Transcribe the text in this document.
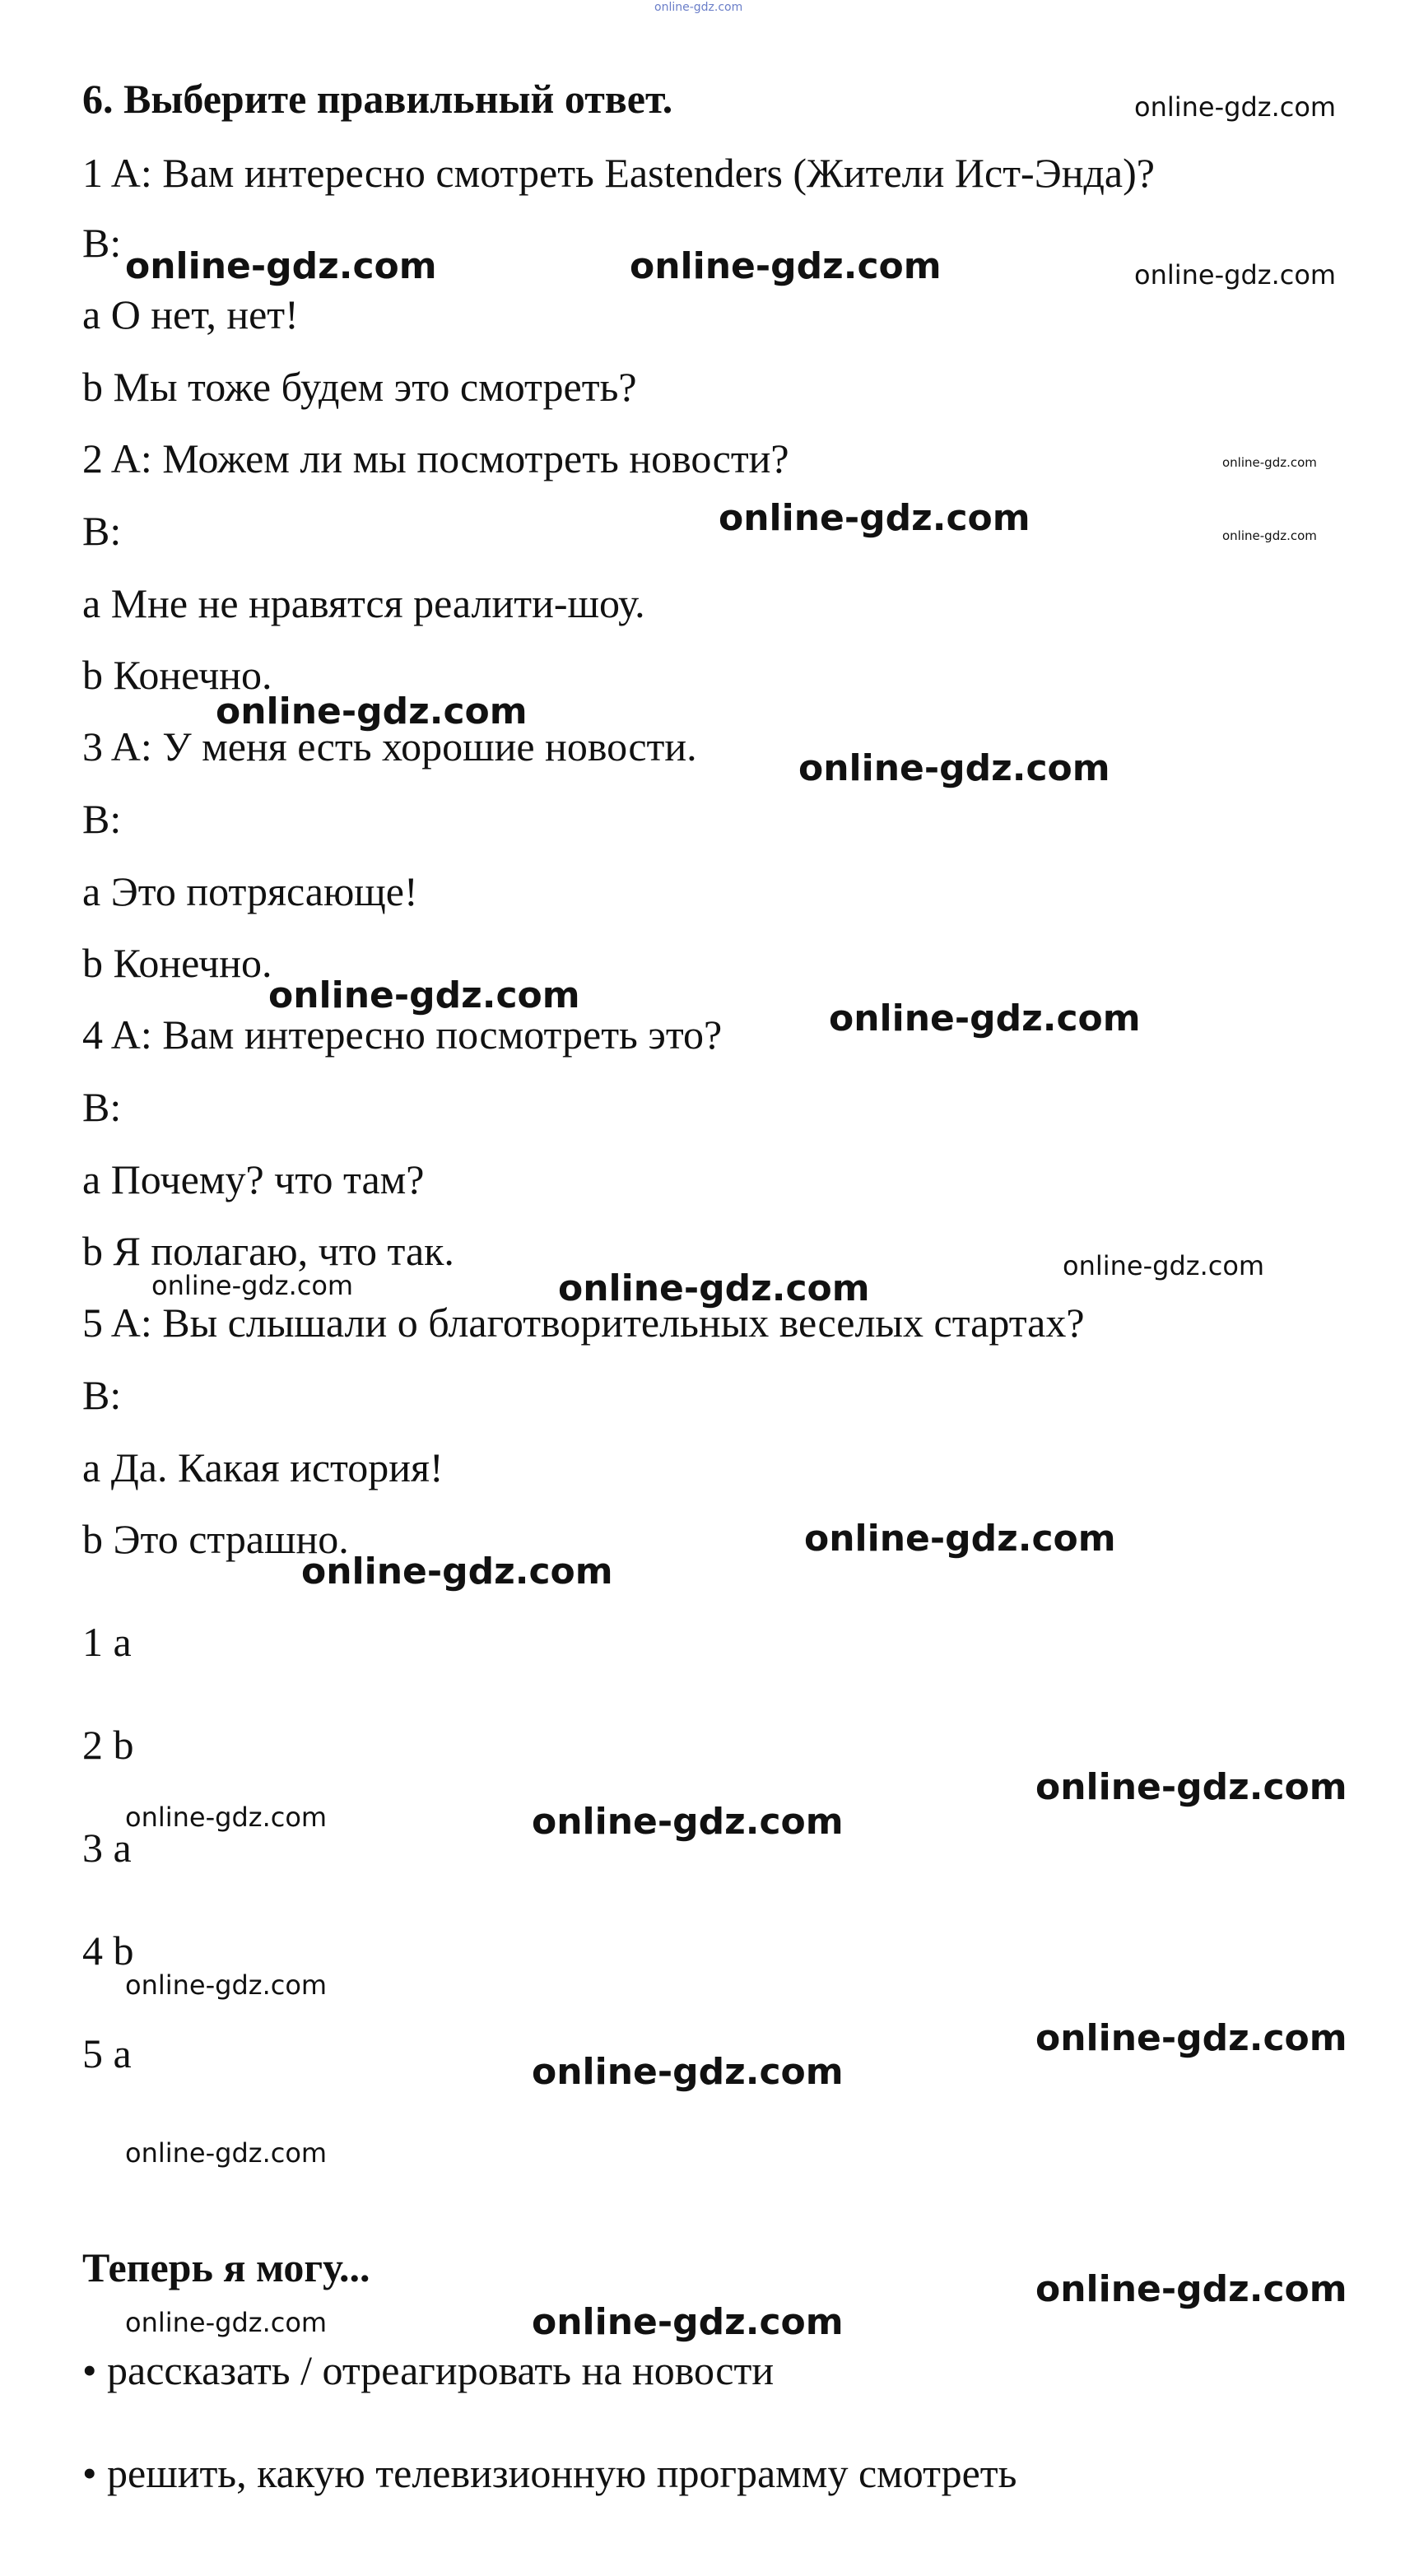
online-gdz.com
6. Выберите правильный ответ.
1 A: Вам интересно смотреть Eastenders (Жители Ист-Энда)?
B:
a О нет, нет!
b Мы тоже будем это смотреть?
2 A: Можем ли мы посмотреть новости?
B:
a Мне не нравятся реалити-шоу.
b Конечно.
3 A: У меня есть хорошие новости.
B:
a Это потрясающе!
b Конечно.
4 A: Вам интересно посмотреть это?
B:
a Почему? что там?
b Я полагаю, что так.
5 A: Вы слышали о благотворительных веселых стартах?
B:
a Да. Какая история!
b Это страшно.
1 a
2 b
3 a
4 b
5 a
Теперь я могу...
• рассказать / отреагировать на новости
• решить, какую телевизионную программу смотреть
online-gdz.com
online-gdz.com	online-gdz.com	online-gdz.com
online-gdz.com
online-gdz.com	online-gdz.com
online-gdz.com
online-gdz.com
online-gdz.com
online-gdz.com
online-gdz.com
online-gdz.com	online-gdz.com
online-gdz.com
online-gdz.com
online-gdz.com
online-gdz.com	online-gdz.com
online-gdz.com
online-gdz.com
online-gdz.com
online-gdz.com
online-gdz.com
online-gdz.com	online-gdz.com
